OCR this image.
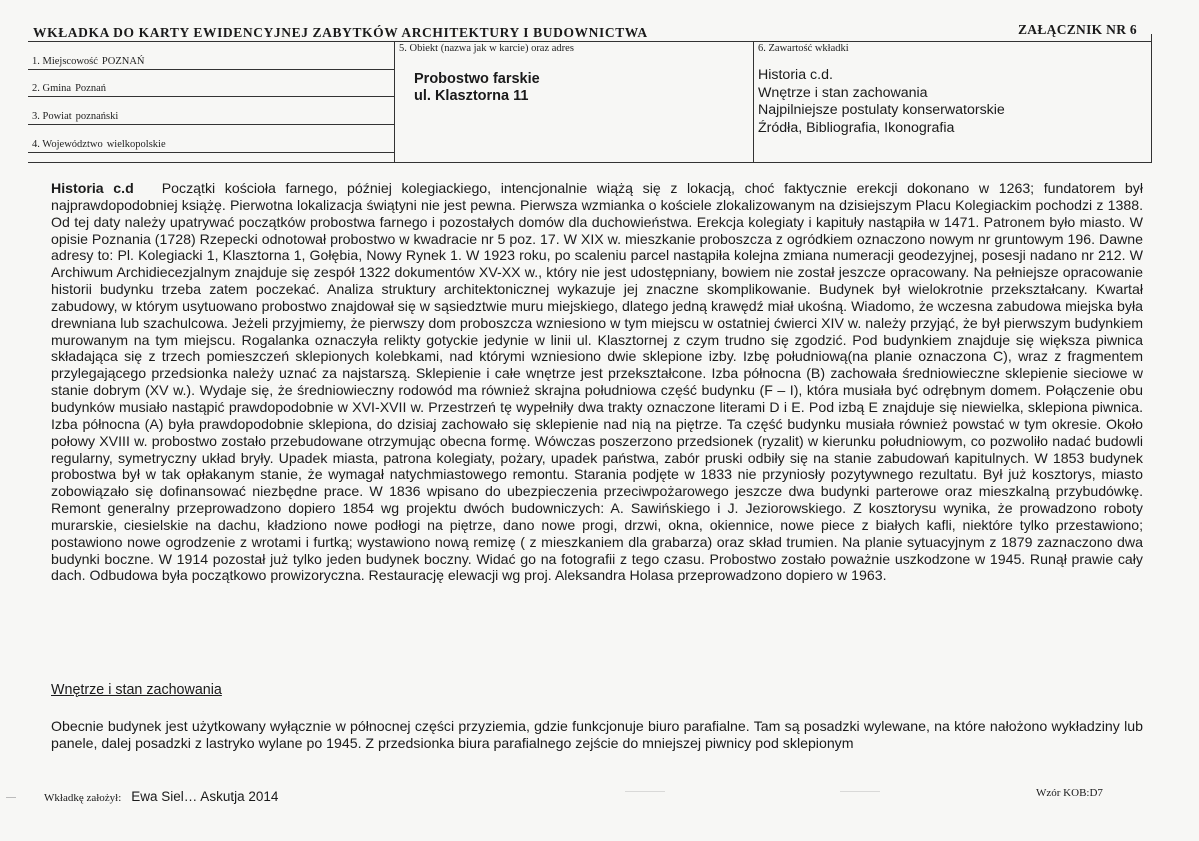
WKŁADKA DO KARTY EWIDENCYJNEJ ZABYTKÓW ARCHITEKTURY I BUDOWNICTWA	ZAŁĄCZNIK NR 6
1. Miejscowość POZNAŃ
2. Gmina Poznań
3. Powiat poznański
4. Województwo wielkopolskie
5. Obiekt (nazwa jak w karcie) oraz adres
Probostwo farskie
ul. Klasztorna 11
6. Zawartość wkładki
Historia c.d.
Wnętrze i stan zachowania
Najpilniejsze postulaty konserwatorskie
Źródła, Bibliografia, Ikonografia
Historia c.d Początki kościoła farnego, później kolegiackiego, intencjonalnie wiążą się z lokacją, choć faktycznie erekcji dokonano w 1263; fundatorem był najprawdopodobniej książę. Pierwotna lokalizacja świątyni nie jest pewna. Pierwsza wzmianka o kościele zlokalizowanym na dzisiejszym Placu Kolegiackim pochodzi z 1388. Od tej daty należy upatrywać początków probostwa farnego i pozostałych domów dla duchowieństwa. Erekcja kolegiaty i kapituły nastąpiła w 1471. Patronem było miasto. W opisie Poznania (1728) Rzepecki odnotował probostwo w kwadracie nr 5 poz. 17. W XIX w. mieszkanie proboszcza z ogródkiem oznaczono nowym nr gruntowym 196. Dawne adresy to: Pl. Kolegiacki 1, Klasztorna 1, Gołębia, Nowy Rynek 1. W 1923 roku, po scaleniu parcel nastąpiła kolejna zmiana numeracji geodezyjnej, posesji nadano nr 212. W Archiwum Archidiecezjalnym znajduje się zespół 1322 dokumentów XV-XX w., który nie jest udostępniany, bowiem nie został jeszcze opracowany. Na pełniejsze opracowanie historii budynku trzeba zatem poczekać. Analiza struktury architektonicznej wykazuje jej znaczne skomplikowanie. Budynek był wielokrotnie przekształcany. Kwartał zabudowy, w którym usytuowano probostwo znajdował się w sąsiedztwie muru miejskiego, dlatego jedną krawędź miał ukośną. Wiadomo, że wczesna zabudowa miejska była drewniana lub szachulcowa. Jeżeli przyjmiemy, że pierwszy dom proboszcza wzniesiono w tym miejscu w ostatniej ćwierci XIV w. należy przyjąć, że był pierwszym budynkiem murowanym na tym miejscu. Rogalanka oznaczyła relikty gotyckie jedynie w linii ul. Klasztornej z czym trudno się zgodzić. Pod budynkiem znajduje się większa piwnica składająca się z trzech pomieszczeń sklepionych kolebkami, nad którymi wzniesiono dwie sklepione izby. Izbę południową(na planie oznaczona C), wraz z fragmentem przylegającego przedsionka należy uznać za najstarszą. Sklepienie i całe wnętrze jest przekształcone. Izba północna (B) zachowała średniowieczne sklepienie sieciowe w stanie dobrym (XV w.). Wydaje się, że średniowieczny rodowód ma również skrajna południowa część budynku (F – I), która musiała być odrębnym domem. Połączenie obu budynków musiało nastąpić prawdopodobnie w XVI-XVII w. Przestrzeń tę wypełniły dwa trakty oznaczone literami D i E. Pod izbą E znajduje się niewielka, sklepiona piwnica. Izba północna (A) była prawdopodobnie sklepiona, do dzisiaj zachowało się sklepienie nad nią na piętrze. Ta część budynku musiała również powstać w tym okresie. Około połowy XVIII w. probostwo zostało przebudowane otrzymując obecna formę. Wówczas poszerzono przedsionek (ryzalit) w kierunku południowym, co pozwoliło nadać budowli regularny, symetryczny układ bryły. Upadek miasta, patrona kolegiaty, pożary, upadek państwa, zabór pruski odbiły się na stanie zabudowań kapitulnych. W 1853 budynek probostwa był w tak opłakanym stanie, że wymagał natychmiastowego remontu. Starania podjęte w 1833 nie przyniosły pozytywnego rezultatu. Był już kosztorys, miasto zobowiązało się dofinansować niezbędne prace. W 1836 wpisano do ubezpieczenia przeciwpożarowego jeszcze dwa budynki parterowe oraz mieszkalną przybudówkę. Remont generalny przeprowadzono dopiero 1854 wg projektu dwóch budowniczych: A. Sawińskiego i J. Jeziorowskiego. Z kosztorysu wynika, że prowadzono roboty murarskie, ciesielskie na dachu, kładziono nowe podłogi na piętrze, dano nowe progi, drzwi, okna, okiennice, nowe piece z białych kafli, niektóre tylko przestawiono; postawiono nowe ogrodzenie z wrotami i furtką; wystawiono nową remizę ( z mieszkaniem dla grabarza) oraz skład trumien. Na planie sytuacyjnym z 1879 zaznaczono dwa budynki boczne. W 1914 pozostał już tylko jeden budynek boczny. Widać go na fotografii z tego czasu. Probostwo zostało poważnie uszkodzone w 1945. Runął prawie cały dach. Odbudowa była początkowo prowizoryczna. Restaurację elewacji wg proj. Aleksandra Holasa przeprowadzono dopiero w 1963.
Wnętrze i stan zachowania
Obecnie budynek jest użytkowany wyłącznie w północnej części przyziemia, gdzie funkcjonuje biuro parafialne. Tam są posadzki wylewane, na które nałożono wykładziny lub panele, dalej posadzki z lastryko wylane po 1945. Z przedsionka biura parafialnego zejście do mniejszej piwnicy pod sklepionym
Wkładkę założył: Ewa Siel… Askutja 2014	Wzór KOB:D7
